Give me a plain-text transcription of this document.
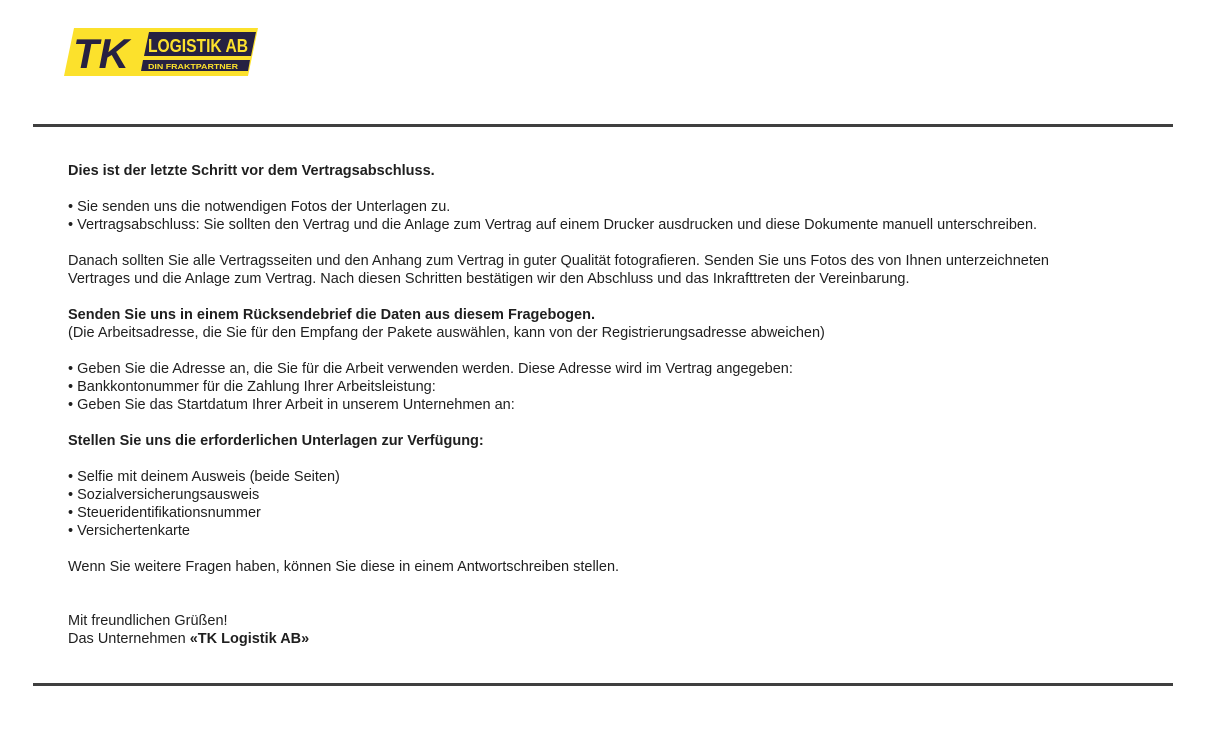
TK LOGISTIK AB
DIN FRAKTPARTNER

Dies ist der letzte Schritt vor dem Vertragsabschluss.

• Sie senden uns die notwendigen Fotos der Unterlagen zu.

• Vertragsabschluss: Sie sollten den Vertrag und die Anlage zum Vertrag auf einem Drucker ausdrucken und diese Dokumente manuell unterschreiben.

Danach sollten Sie alle Vertragsseiten und den Anhang zum Vertrag in guter Qualität fotografieren. Senden Sie uns Fotos des von Ihnen unterzeichneten

Vertrages und die Anlage zum Vertrag. Nach diesen Schritten bestätigen wir den Abschluss und das Inkrafttreten der Vereinbarung.

Senden Sie uns in einem Rücksendebrief die Daten aus diesem Fragebogen.

(Die Arbeitsadresse, die Sie für den Empfang der Pakete auswählen, kann von der Registrierungsadresse abweichen)

• Geben Sie die Adresse an, die Sie für die Arbeit verwenden werden. Diese Adresse wird im Vertrag angegeben:

• Bankkontonummer für die Zahlung Ihrer Arbeitsleistung:

• Geben Sie das Startdatum Ihrer Arbeit in unserem Unternehmen an:

Stellen Sie uns die erforderlichen Unterlagen zur Verfügung:

• Selfie mit deinem Ausweis (beide Seiten)

• Sozialversicherungsausweis

• Steueridentifikationsnummer

• Versichertenkarte

Wenn Sie weitere Fragen haben, können Sie diese in einem Antwortschreiben stellen.

Mit freundlichen Grüßen!

Das Unternehmen «TK Logistik AB»
